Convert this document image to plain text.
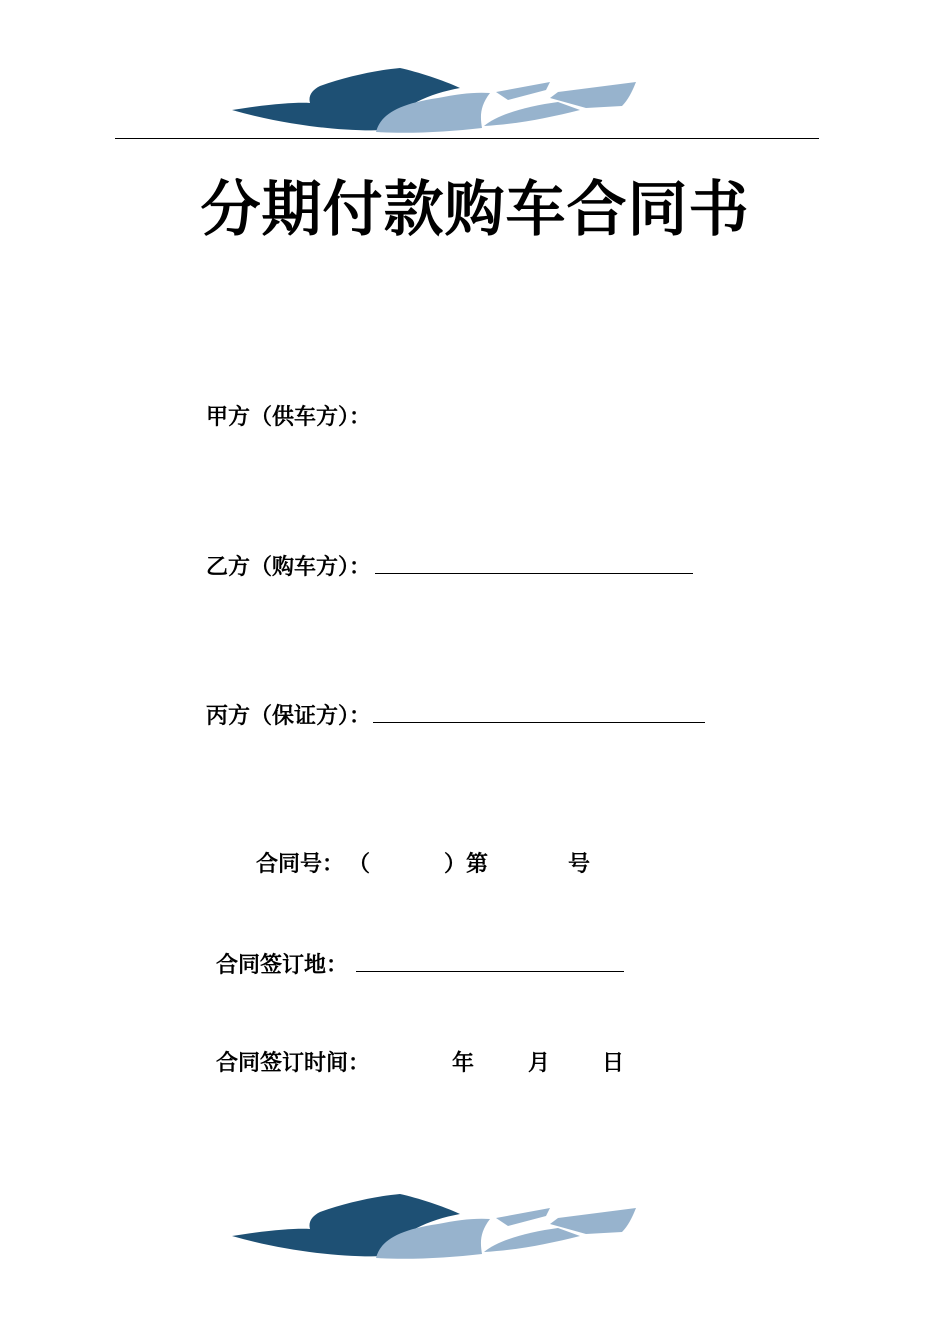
分期付款购车合同书
甲方（供车方）：
乙方（购车方）：
丙方（保证方）：
合同号： （	）第	号
合同签订地：
合同签订时间：	年 月 日
